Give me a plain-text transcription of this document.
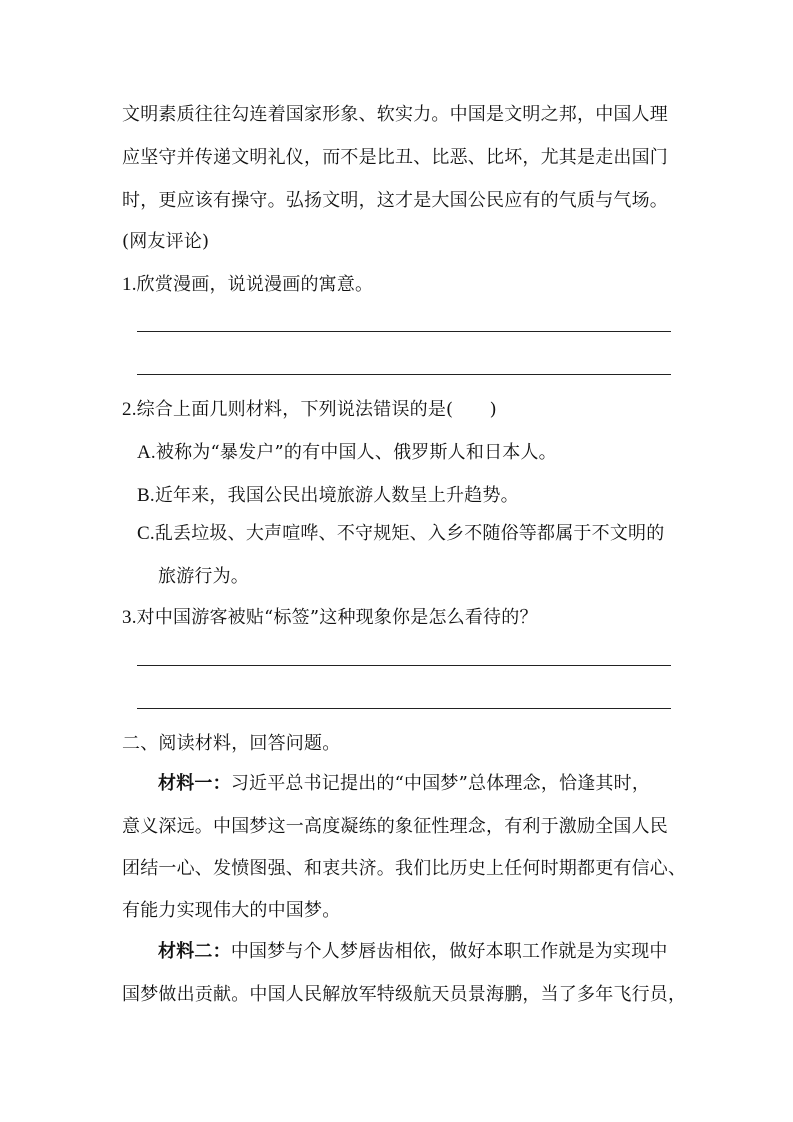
文明素质往往勾连着国家形象、软实力。中国是文明之邦，中国人理
应坚守并传递文明礼仪，而不是比丑、比恶、比坏，尤其是走出国门
时，更应该有操守。弘扬文明，这才是大国公民应有的气质与气场。
(网友评论)
1.欣赏漫画，说说漫画的寓意。
2.综合上面几则材料，下列说法错误的是(　　)
A.被称为“暴发户”的有中国人、俄罗斯人和日本人。
B.近年来，我国公民出境旅游人数呈上升趋势。
C.乱丢垃圾、大声喧哗、不守规矩、入乡不随俗等都属于不文明的
旅游行为。
3.对中国游客被贴“标签”这种现象你是怎么看待的？
二、阅读材料，回答问题。
材料一：习近平总书记提出的“中国梦”总体理念，恰逢其时，
意义深远。中国梦这一高度凝练的象征性理念，有利于激励全国人民
团结一心、发愤图强、和衷共济。我们比历史上任何时期都更有信心、
有能力实现伟大的中国梦。
材料二：中国梦与个人梦唇齿相依，做好本职工作就是为实现中
国梦做出贡献。中国人民解放军特级航天员景海鹏，当了多年飞行员，
